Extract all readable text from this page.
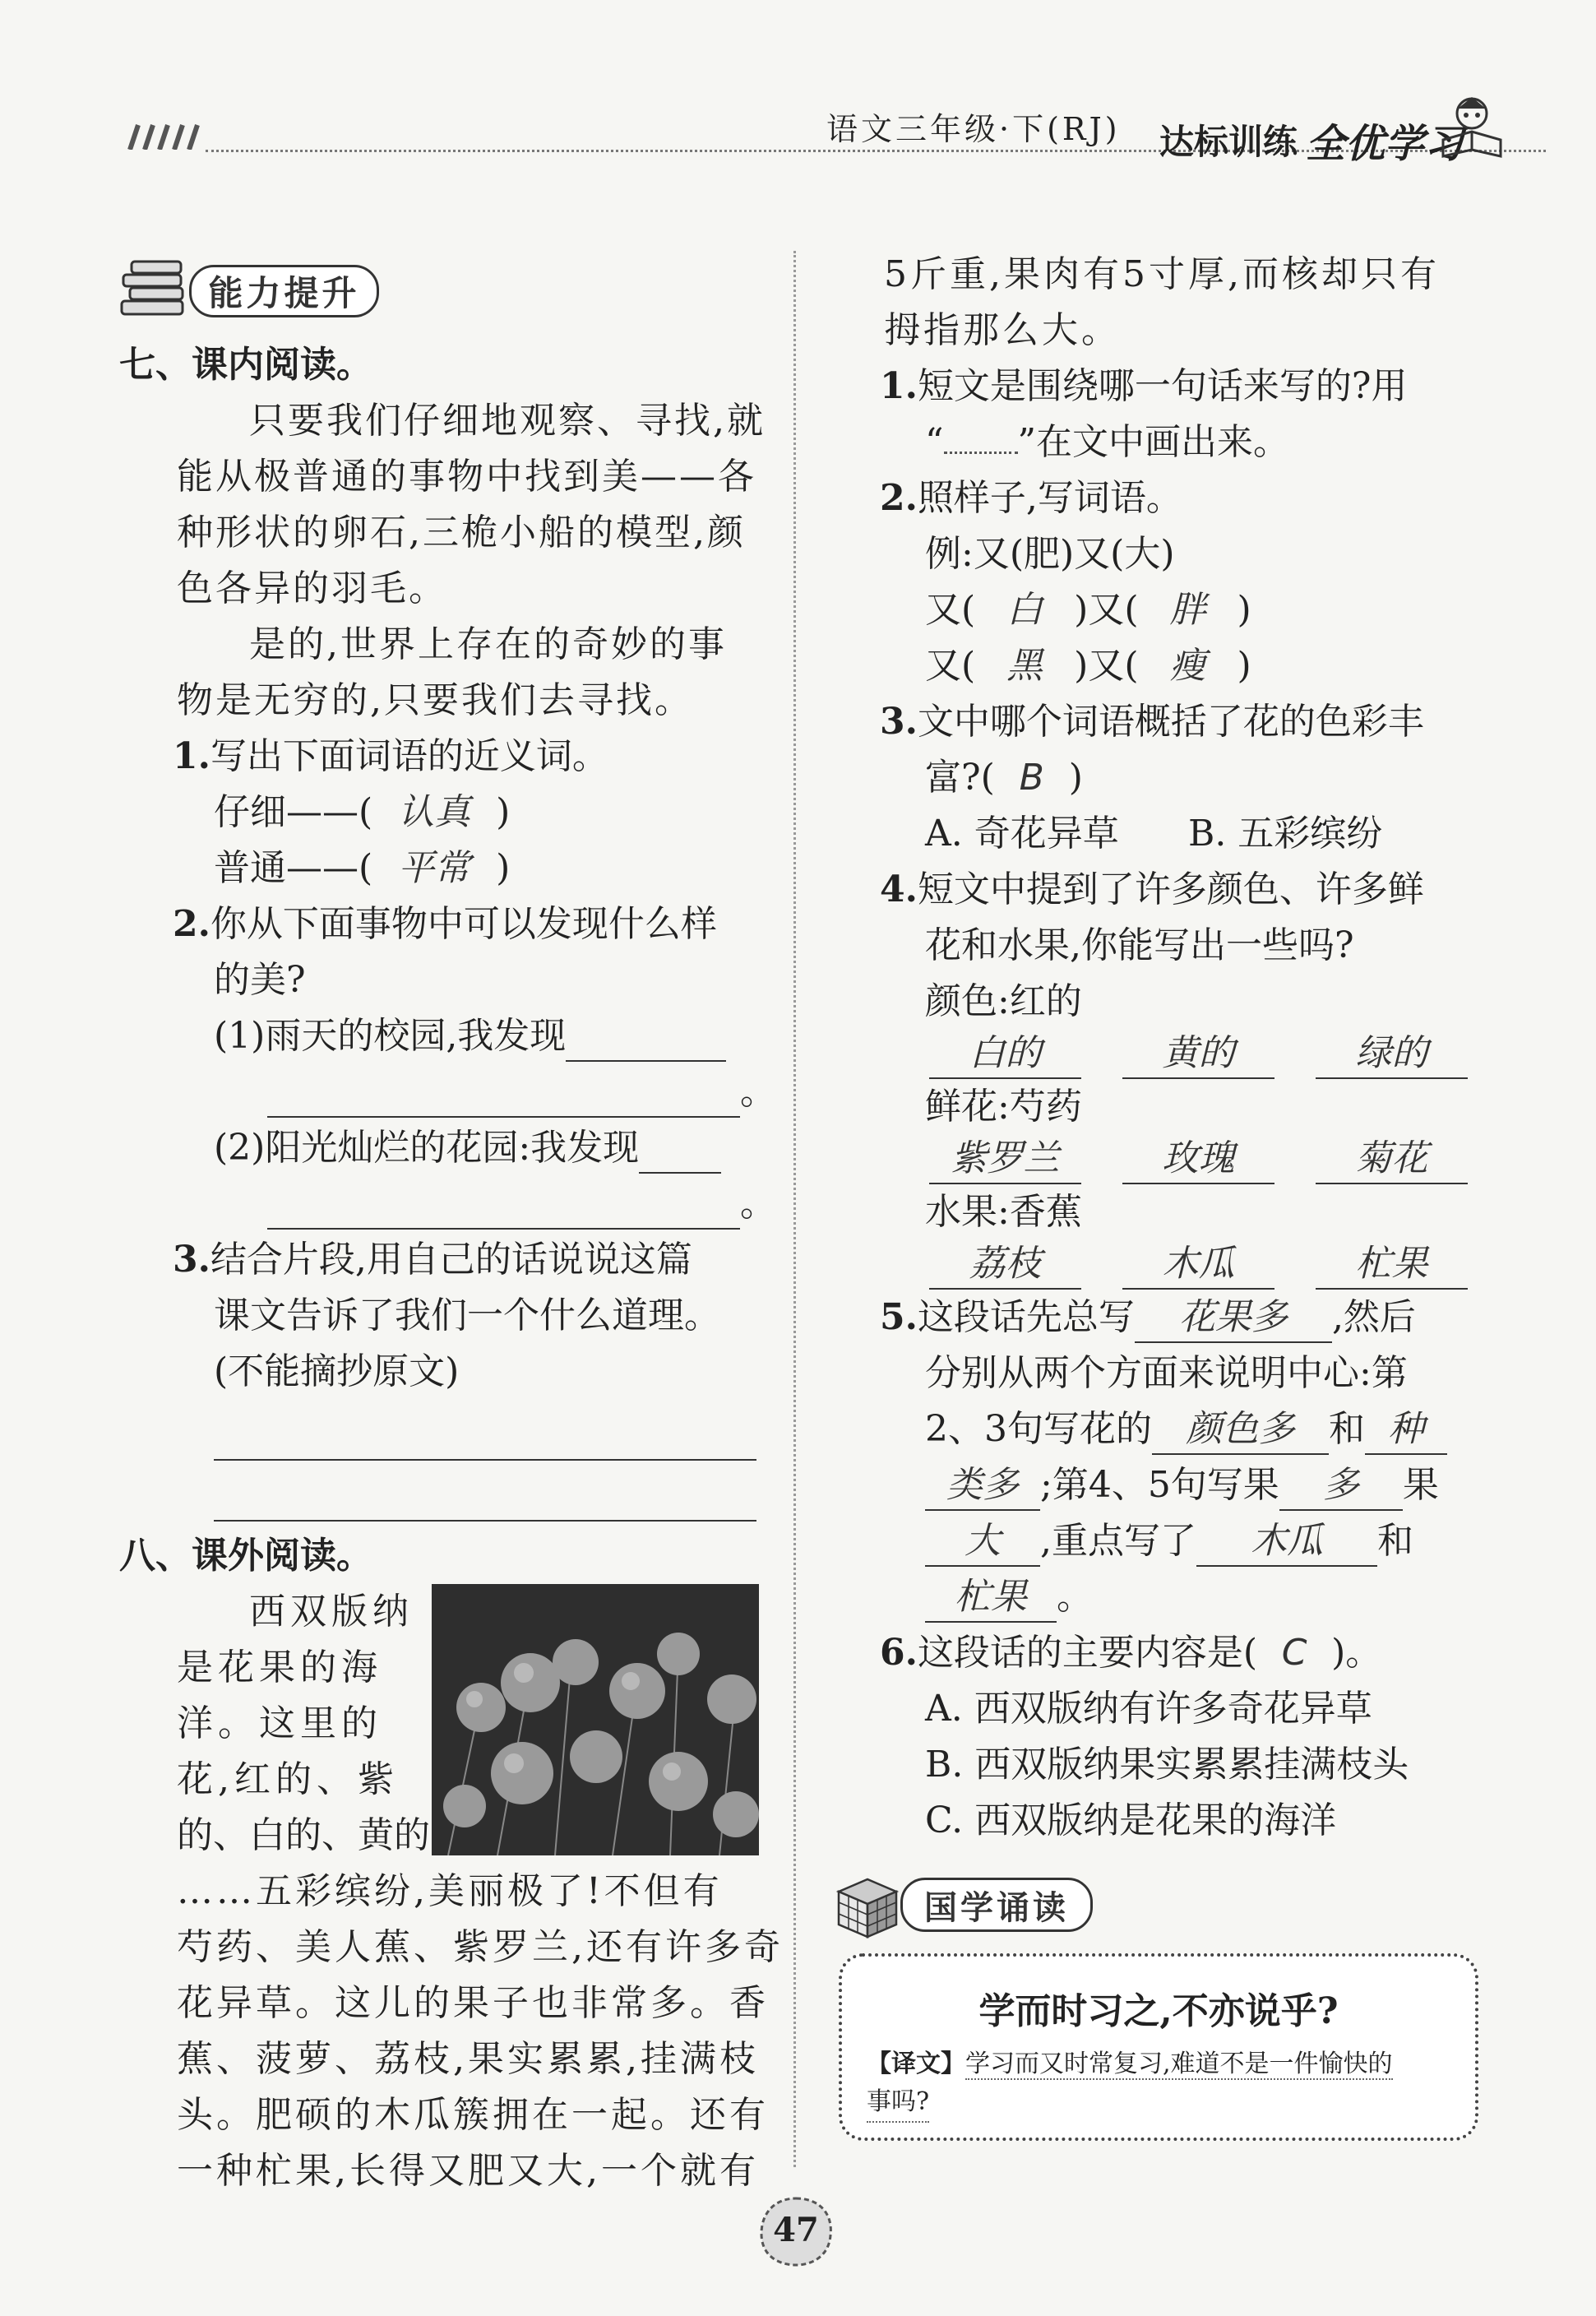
语文三年级·下(RJ) 达标训练 全优学习
能力提升
七、课内阅读。
只要我们仔细地观察、寻找,就
能从极普通的事物中找到美——各
种形状的卵石,三桅小船的模型,颜
色各异的羽毛。
是的,世界上存在的奇妙的事
物是无穷的,只要我们去寻找。
1.写出下面词语的近义词。
仔细——( 认真 )
普通——( 平常 )
2.你从下面事物中可以发现什么样
的美?
(1)雨天的校园,我发现
。
(2)阳光灿烂的花园:我发现
。
3.结合片段,用自己的话说说这篇
课文告诉了我们一个什么道理。
(不能摘抄原文)
八、课外阅读。
西双版纳
是花果的海
洋。这里的
花,红的、紫
的、白的、黄的
……五彩缤纷,美丽极了!不但有
芍药、美人蕉、紫罗兰,还有许多奇
花异草。这儿的果子也非常多。香
蕉、菠萝、荔枝,果实累累,挂满枝
头。肥硕的木瓜簇拥在一起。还有
一种杧果,长得又肥又大,一个就有
5斤重,果肉有5寸厚,而核却只有
拇指那么大。
1.短文是围绕哪一句话来写的?用
“ ”在文中画出来。
2.照样子,写词语。
例:又(肥)又(大)
又( 白 )又( 胖 )
又( 黑 )又( 瘦 )
3.文中哪个词语概括了花的色彩丰
富?( B )
A. 奇花异草 B. 五彩缤纷
4.短文中提到了许多颜色、许多鲜
花和水果,你能写出一些吗?
颜色:红的
白的	黄的	绿的
鲜花:芍药
紫罗兰	玫瑰	菊花
水果:香蕉
荔枝	木瓜	杧果
5.这段话先总写 花果多 ,然后
分别从两个方面来说明中心:第
2、3句写花的 颜色多 和 种
类多 ;第4、5句写果 多 果
大 ,重点写了 木瓜 和
杧果 。
6.这段话的主要内容是( C )。
A. 西双版纳有许多奇花异草
B. 西双版纳果实累累挂满枝头
C. 西双版纳是花果的海洋
国学诵读
学而时习之,不亦说乎?
【译文】学习而又时常复习,难道不是一件愉快的
事吗?
47
